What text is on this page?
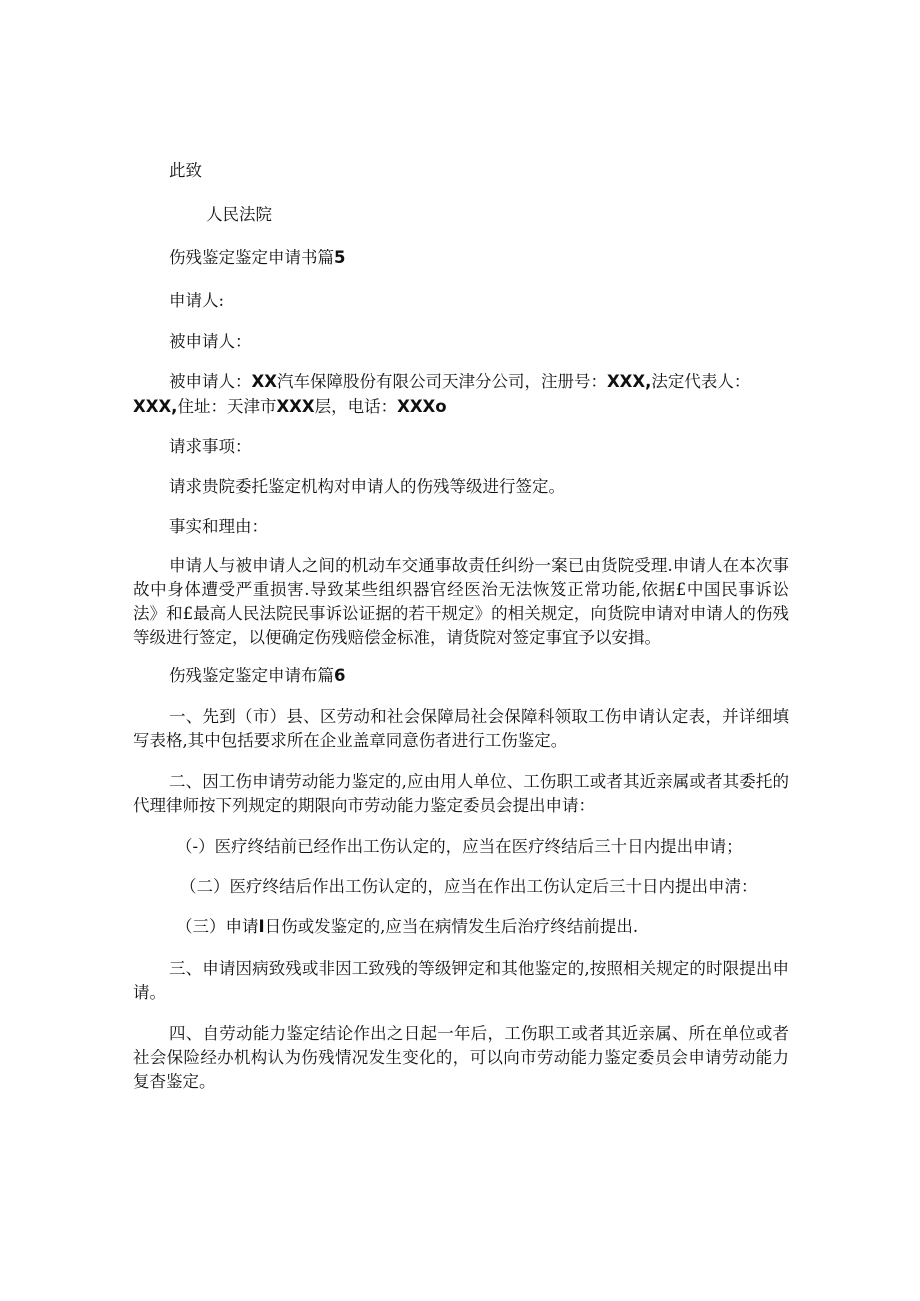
此致

人民法院

伤残鉴定鉴定申请书篇5

申请人:

被申请人：

被申请人：XX汽车保障股份有限公司天津分公司，注册号：XXX,法定代表人：

XXX,住址：天津市XXX层，电话：XXXo

请求事项：

请求贵院委托鉴定机构对申请人的伤残等级进行签定。

事实和理由：

申请人与被申请人之间的机动车交通事故责任纠纷一案已由货院受理.申请人在本次事故中身体遭受严重损害.导致某些组织器官经医治无法恢笈正常功能,依据£中国民事诉讼法》和£最高人民法院民事诉讼证据的若干规定》的相关规定，向货院申请对申请人的伤残等级进行签定，以便确定伤残赔偿金标准，请货院对签定事宜予以安揖。

伤残鉴定鉴定申请布篇6

一、先到（市）县、区劳动和社会保障局社会保障科领取工伤申请认定表，并详细填写表格,其中包括要求所在企业盖章同意伤者进行工伤鉴定。

二、因工伤申请劳动能力鉴定的,应由用人单位、工伤职工或者其近亲属或者其委托的代理律师按下列规定的期限向市劳动能力鉴定委员会提出申请：

（-）医疗终结前已经作出工伤认定的，应当在医疗终结后三十日内提出申请；

（二）医疗终结后作出工伤认定的，应当在作出工伤认定后三十日内提出申淸：

（三）申请I日伤或发鉴定的,应当在病情发生后治疗终结前提出.

三、申请因病致残或非因工致残的等级钾定和其他鉴定的,按照相关规定的时限提出申请。

四、自劳动能力鉴定结论作出之日起一年后，工伤职工或者其近亲属、所在单位或者社会保险经办机构认为伤残情况发生变化的，可以向市劳动能力鉴定委员会申请劳动能力复杳鉴定。
